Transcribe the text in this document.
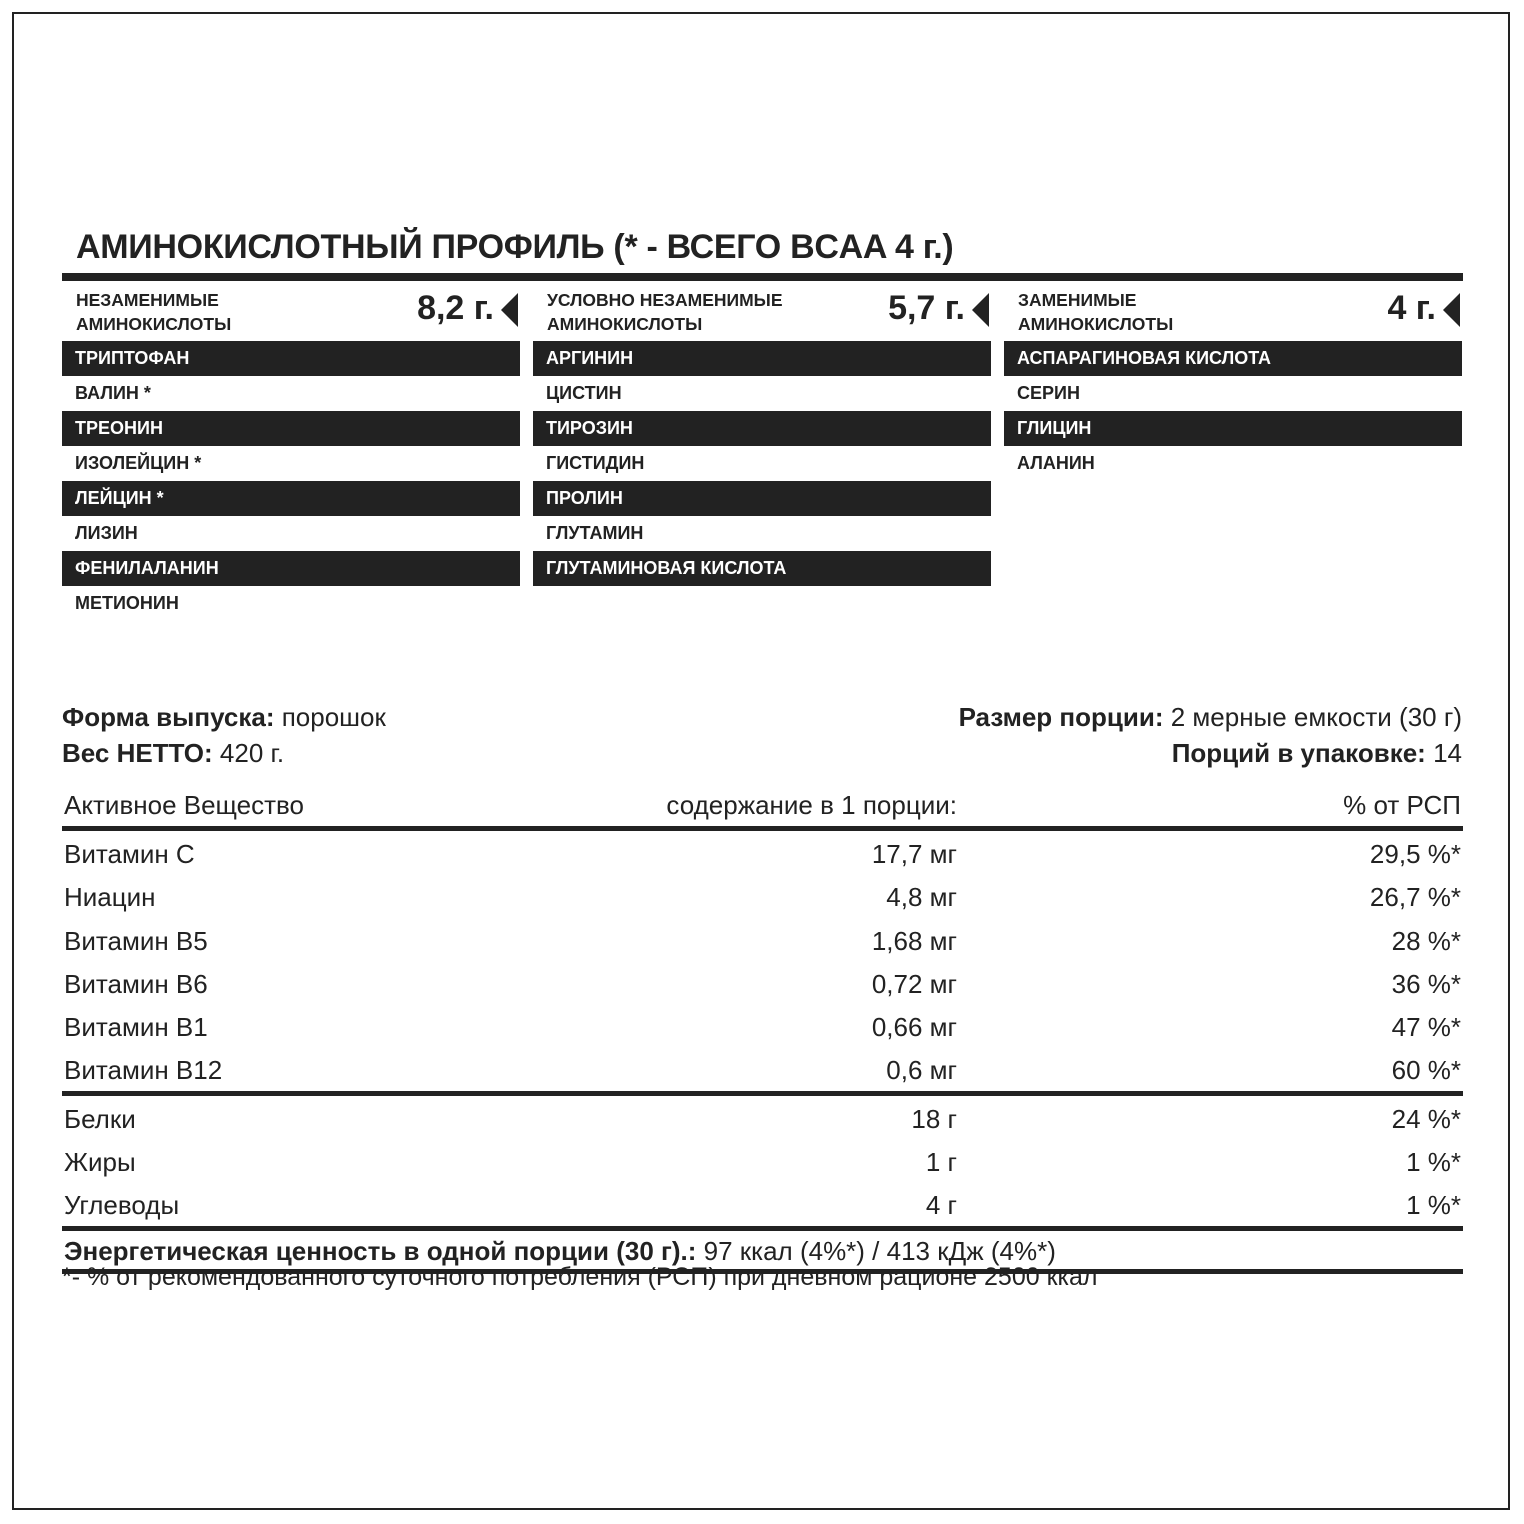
АМИНОКИСЛОТНЫЙ ПРОФИЛЬ (* - ВСЕГО BCAA 4 г.)
НЕЗАМЕНИМЫЕ
АМИНОКИСЛОТЫ	8,2 г.
ТРИПТОФАН
ВАЛИН *
ТРЕОНИН
ИЗОЛЕЙЦИН *
ЛЕЙЦИН *
ЛИЗИН
ФЕНИЛАЛАНИН
МЕТИОНИН
УСЛОВНО НЕЗАМЕНИМЫЕ
АМИНОКИСЛОТЫ	5,7 г.
АРГИНИН
ЦИСТИН
ТИРОЗИН
ГИСТИДИН
ПРОЛИН
ГЛУТАМИН
ГЛУТАМИНОВАЯ КИСЛОТА
ЗАМЕНИМЫЕ
АМИНОКИСЛОТЫ	4 г.
АСПАРАГИНОВАЯ КИСЛОТА
СЕРИН
ГЛИЦИН
АЛАНИН
Форма выпуска: порошок
Вес НЕТТО: 420 г.
Размер порции: 2 мерные емкости (30 г)
Порций в упаковке: 14
Активное Вещество	содержание в 1 порции:	% от РСП
Витамин С	17,7 мг	29,5 %*
Ниацин	4,8 мг	26,7 %*
Витамин В5	1,68 мг	28 %*
Витамин В6	0,72 мг	36 %*
Витамин В1	0,66 мг	47 %*
Витамин В12	0,6 мг	60 %*
Белки	18 г	24 %*
Жиры	1 г	1 %*
Углеводы	4 г	1 %*
Энергетическая ценность в одной порции (30 г).: 97 ккал (4%*) / 413 кДж (4%*)
*- % от рекомендованного суточного потребления (РСП) при дневном рационе 2500 ккал
